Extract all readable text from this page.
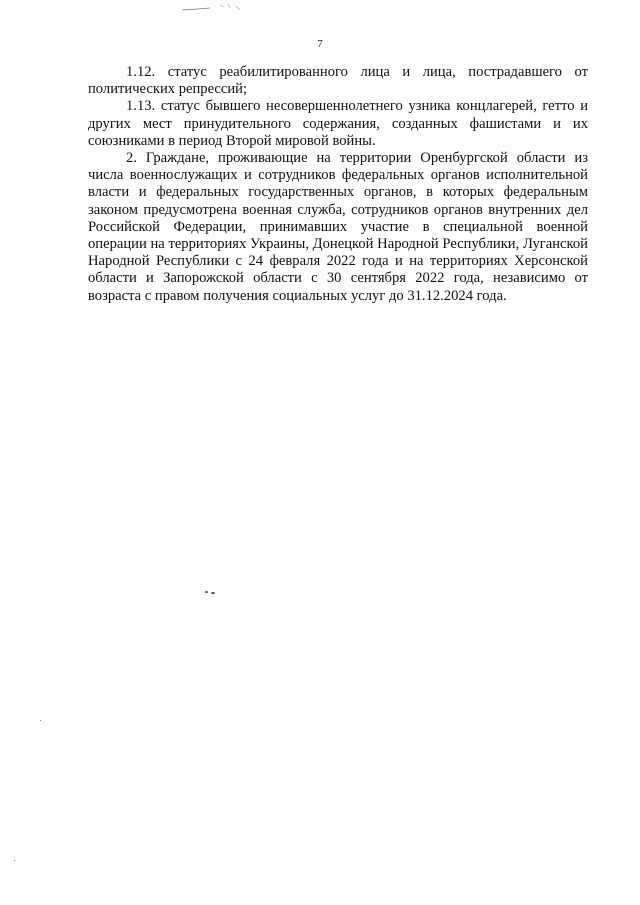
7

1.12. статус реабилитированного лица и лица, пострадавшего от политических репрессий;

1.13. статус бывшего несовершеннолетнего узника концлагерей, гетто и других мест принудительного содержания, созданных фашистами и их союзниками в период Второй мировой войны.

2. Граждане, проживающие на территории Оренбургской области из числа военнослужащих и сотрудников федеральных органов исполнительной власти и федеральных государственных органов, в которых федеральным законом предусмотрена военная служба, сотрудников органов внутренних дел Российской Федерации, принимавших участие в специальной военной операции на территориях Украины, Донецкой Народной Республики, Луганской Народной Республики с 24 февраля 2022 года и на территориях Херсонской области и Запорожской области с 30 сентября 2022 года, независимо от возраста с правом получения социальных услуг до 31.12.2024 года.
